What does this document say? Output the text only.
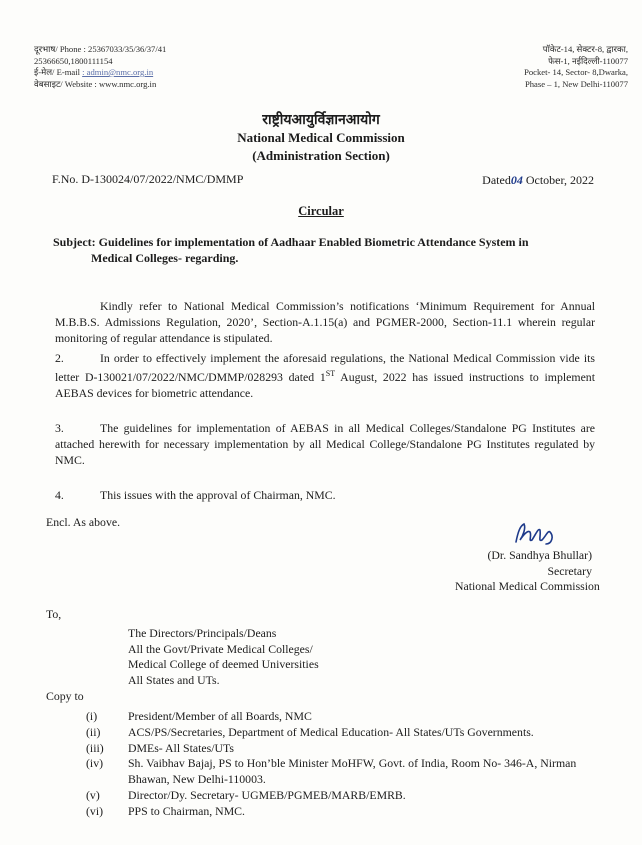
दूरभाष/ Phone : 25367033/35/36/37/41
25366650,1800111154
ई-मेल/ E-mail : admin@nmc.org.in
वेबसाइट/ Website : www.nmc.org.in
पॉकेट-14, सेक्टर-8, द्वारका,
फेस-1, नईदिल्ली-110077
Pocket- 14, Sector- 8,Dwarka,
Phase – 1, New Delhi-110077
राष्ट्रीयआयुर्विज्ञानआयोग
National Medical Commission
(Administration Section)
F.No. D-130024/07/2022/NMC/DMMP	Dated04 October, 2022
Circular
Subject: Guidelines for implementation of Aadhaar Enabled Biometric Attendance System in
Medical Colleges- regarding.
Kindly refer to National Medical Commission’s notifications ‘Minimum Requirement for Annual M.B.B.S. Admissions Regulation, 2020’, Section-A.1.15(a) and PGMER-2000, Section-11.1 wherein regular monitoring of regular attendance is stipulated.
2.	In order to effectively implement the aforesaid regulations, the National Medical Commission vide its letter D-130021/07/2022/NMC/DMMP/028293 dated 1ST August, 2022 has issued instructions to implement AEBAS devices for biometric attendance.
3.	The guidelines for implementation of AEBAS in all Medical Colleges/Standalone PG Institutes are attached herewith for necessary implementation by all Medical College/Standalone PG Institutes regulated by NMC.
4.	This issues with the approval of Chairman, NMC.
Encl. As above.
(Dr. Sandhya Bhullar)
Secretary
National Medical Commission
To,
The Directors/Principals/Deans
All the Govt/Private Medical Colleges/
Medical College of deemed Universities
All States and UTs.
Copy to
(i)	President/Member of all Boards, NMC
(ii)	ACS/PS/Secretaries, Department of Medical Education- All States/UTs Governments.
(iii)	DMEs- All States/UTs
(iv)	Sh. Vaibhav Bajaj, PS to Hon’ble Minister MoHFW, Govt. of India, Room No- 346-A, Nirman Bhawan, New Delhi-110003.
(v)	Director/Dy. Secretary- UGMEB/PGMEB/MARB/EMRB.
(vi)	PPS to Chairman, NMC.
